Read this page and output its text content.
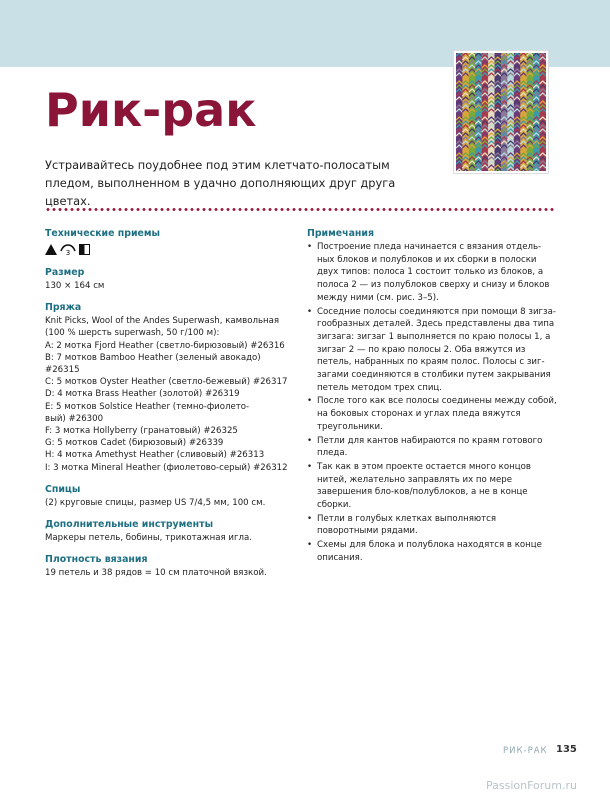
Рик-рак
Устраивайтесь поудобнее под этим клетчато-полосатым пледом, выполненном в удачно дополняющих друг друга цветах.
Технические приемы
3
Размер
130 × 164 см
Пряжа
Knit Picks, Wool of the Andes Superwash, камвольная
(100 % шерсть superwash, 50 г/100 м):
A: 2 мотка Fjord Heather (светло-бирюзовый) #26316
B: 7 мотков Bamboo Heather (зеленый авокадо) #26315
C: 5 мотков Oyster Heather (светло-бежевый) #26317
D: 4 мотка Brass Heather (золотой) #26319
E: 5 мотков Solstice Heather (темно-фиолето-
вый) #26300
F: 3 мотка Hollyberry (гранатовый) #26325
G: 5 мотков Cadet (бирюзовый) #26339
H: 4 мотка Amethyst Heather (сливовый) #26313
I: 3 мотка Mineral Heather (фиолетово-серый) #26312
Спицы
(2) круговые спицы, размер US 7/4,5 мм, 100 см.
Дополнительные инструменты
Маркеры петель, бобины, трикотажная игла.
Плотность вязания
19 петель и 38 рядов = 10 см платочной вязкой.
Примечания
• Построение пледа начинается с вязания отдель-ных блоков и полублоков и их сборки в полоски двух типов: полоса 1 состоит только из блоков, а полоса 2 — из полублоков сверху и снизу и блоков между ними (см. рис. 3–5).
• Соседние полосы соединяются при помощи 8 зигза-гообразных деталей. Здесь представлены два типа зигзага: зигзаг 1 выполняется по краю полосы 1, а зигзаг 2 — по краю полосы 2. Оба вяжутся из петель, набранных по краям полос. Полосы с зиг-загами соединяются в столбики путем закрывания петель методом трех спиц.
• После того как все полосы соединены между собой, на боковых сторонах и углах пледа вяжутся треугольники.
• Петли для кантов набираются по краям готового пледа.
• Так как в этом проекте остается много концов нитей, желательно заправлять их по мере завершения бло-ков/полублоков, а не в конце сборки.
• Петли в голубых клетках выполняются поворотными рядами.
• Схемы для блока и полублока находятся в конце описания.
РИК-РАК 135
PassionForum.ru
